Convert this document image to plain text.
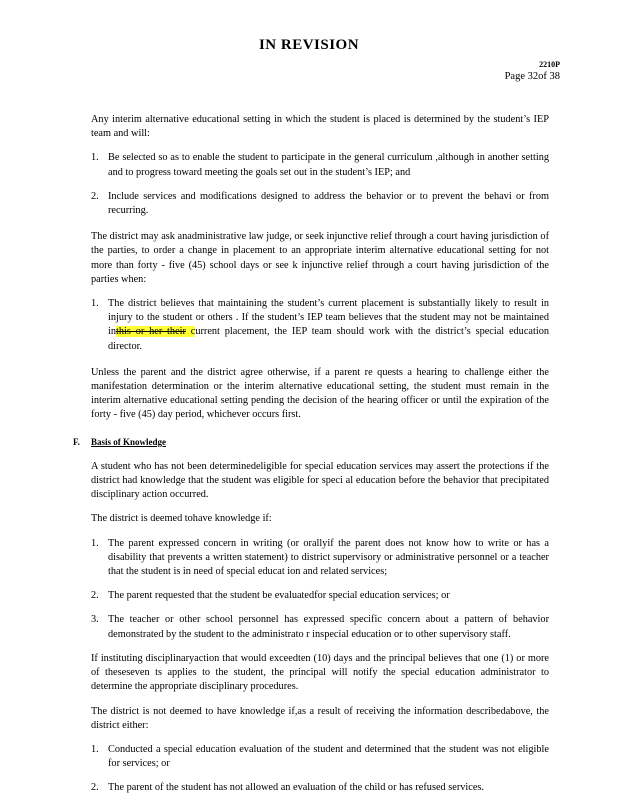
IN REVISION
2210P
Page 32of 38

Any interim alternative educational setting in which the student is placed is determined by the student’s IEP team and will:

1. Be selected so as to enable the student to participate in the general curriculum ,although in another setting and to progress toward meeting the goals set out in the student’s IEP; and
2. Include services and modifications designed to address the behavior or to prevent the behavi or from recurring.

The district may ask anadministrative law judge, or seek injunctive relief through a court having jurisdiction of the parties, to order a change in placement to an appropriate interim alternative educational setting for not more than forty - five (45) school days or see k injunctive relief through a court having jurisdiction of the parties when:

1. The district believes that maintaining the student’s current placement is substantially likely to result in injury to the student or others . If the student’s IEP team believes that the student may not be maintained inthis or her their current placement, the IEP team should work with the district’s special education director.

Unless the parent and the district agree otherwise, if a parent re quests a hearing to challenge either the manifestation determination or the interim alternative educational setting, the student must remain in the interim alternative educational setting pending the decision of the hearing officer or until the expiration of the forty - five (45) day period, whichever occurs first.

F. Basis of Knowledge

A student who has not been determinedeligible for special education services may assert the protections if the district had knowledge that the student was eligible for speci al education before the behavior that precipitated disciplinary action occurred.

The district is deemed tohave knowledge if:

1. The parent expressed concern in writing (or orallyif the parent does not know how to write or has a disability that prevents a written statement) to district supervisory or administrative personnel or a teacher that the student is in need of special educat ion and related services;
2. The parent requested that the student be evaluatedfor special education services; or
3. The teacher or other school personnel has expressed specific concern about a pattern of behavior demonstrated by the student to the administrato r inspecial education or to other supervisory staff.

If instituting disciplinaryaction that would exceedten (10) days and the principal believes that one (1) or more of theseseven ts applies to the student, the principal will notify the special education administrator to determine the appropriate disciplinary procedures.

The district is not deemed to have knowledge if,as a result of receiving the information describedabove, the district either:

1. Conducted a special education evaluation of the student and determined that the student was not eligible for services; or
2. The parent of the student has not allowed an evaluation of the child or has refused services.
